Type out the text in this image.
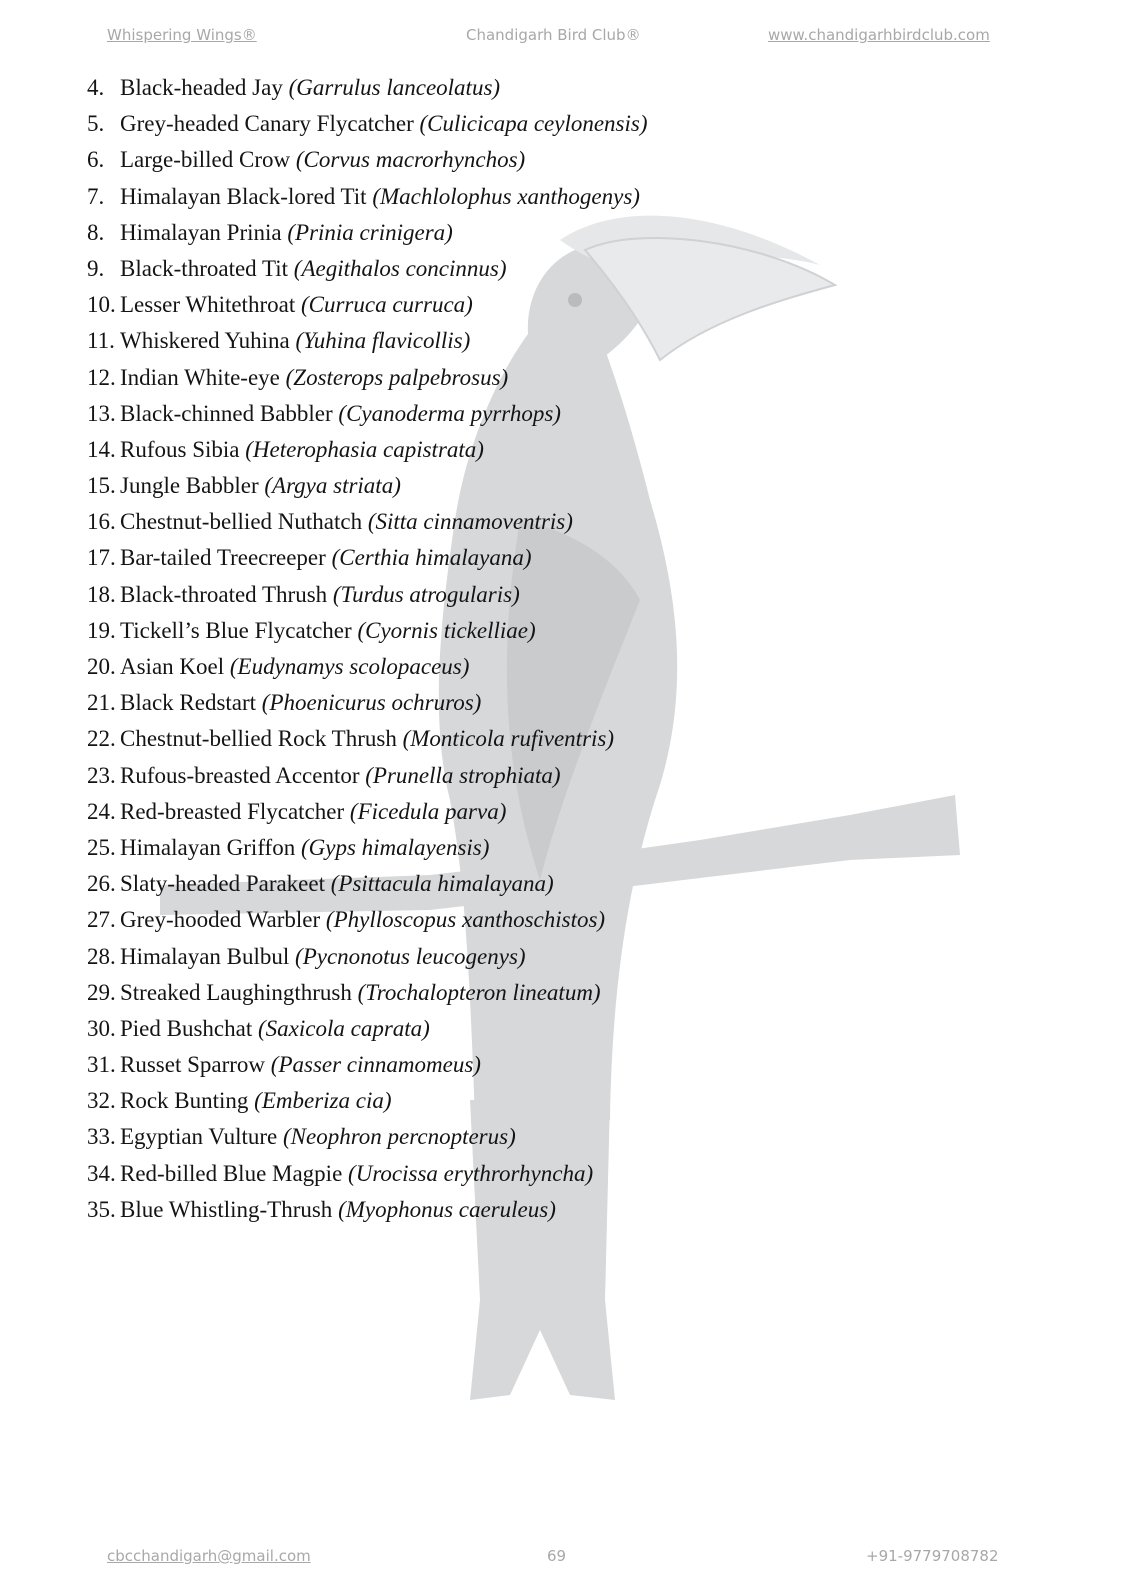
Whispering Wings®	Chandigarh Bird Club®	www.chandigarhbirdclub.com
4. Black-headed Jay (Garrulus lanceolatus)
5. Grey-headed Canary Flycatcher (Culicicapa ceylonensis)
6. Large-billed Crow (Corvus macrorhynchos)
7. Himalayan Black-lored Tit (Machlolophus xanthogenys)
8. Himalayan Prinia (Prinia crinigera)
9. Black-throated Tit (Aegithalos concinnus)
10. Lesser Whitethroat (Curruca curruca)
11. Whiskered Yuhina (Yuhina flavicollis)
12. Indian White-eye (Zosterops palpebrosus)
13. Black-chinned Babbler (Cyanoderma pyrrhops)
14. Rufous Sibia (Heterophasia capistrata)
15. Jungle Babbler (Argya striata)
16. Chestnut-bellied Nuthatch (Sitta cinnamoventris)
17. Bar-tailed Treecreeper (Certhia himalayana)
18. Black-throated Thrush (Turdus atrogularis)
19. Tickell’s Blue Flycatcher (Cyornis tickelliae)
20. Asian Koel (Eudynamys scolopaceus)
21. Black Redstart (Phoenicurus ochruros)
22. Chestnut-bellied Rock Thrush (Monticola rufiventris)
23. Rufous-breasted Accentor (Prunella strophiata)
24. Red-breasted Flycatcher (Ficedula parva)
25. Himalayan Griffon (Gyps himalayensis)
26. Slaty-headed Parakeet (Psittacula himalayana)
27. Grey-hooded Warbler (Phylloscopus xanthoschistos)
28. Himalayan Bulbul (Pycnonotus leucogenys)
29. Streaked Laughingthrush (Trochalopteron lineatum)
30. Pied Bushchat (Saxicola caprata)
31. Russet Sparrow (Passer cinnamomeus)
32. Rock Bunting (Emberiza cia)
33. Egyptian Vulture (Neophron percnopterus)
34. Red-billed Blue Magpie (Urocissa erythrorhyncha)
35. Blue Whistling-Thrush (Myophonus caeruleus)
cbcchandigarh@gmail.com	69	+91-9779708782
